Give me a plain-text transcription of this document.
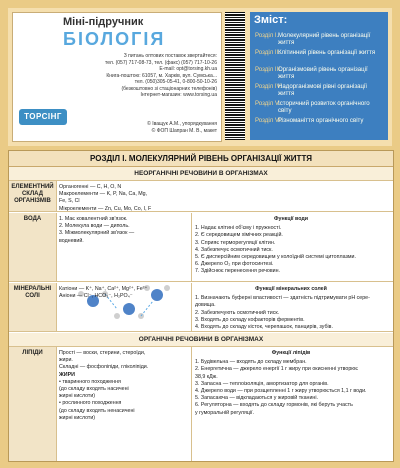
Міні-підручник
БІОЛОГІЯ
З питань оптових поставок звертайтеся:
тел. (057) 717-08-73, тел. (факс) (057) 717-10-26
E-mail: opt@torsing.kh.ua
Книга-поштою: 61057, м. Харків, вул. Сумська...
тел. (050)305-05-41, 0-800-50-10-26
(безкоштовно зі стаціонарних телефонів)
Інтернет-магазин: www.torsing.ua
ТОРСІНГ
© Іващук А.М., упорядкування
© ФОП Шапран М. В., макет
Зміст:
Розділ І. Молекулярний рівень організації життя
Розділ ІІ.
Клітинний рівень організації життя
Розділ ІІІ.
Організмовий рівень організації життя
Розділ IV.
Надорганізмові рівні організації життя
Розділ V.
Історичний розвиток органічного світу
Розділ VI.
Різноманіття органічного світу
РОЗДІЛ І. МОЛЕКУЛЯРНИЙ РІВЕНЬ ОРГАНІЗАЦІЇ ЖИТТЯ
НЕОРГАНІЧНІ РЕЧОВИНИ В ОРГАНІЗМАХ
ЕЛЕМЕНТНИЙ СКЛАД ОРГАНІЗМІВ
Органогенні — C, H, O, N
Макроелементи — K, P, Na, Ca, Mg,
Fe, S, Cl
Мікроелементи — Zn, Cu, Mo, Co, I, F
ВОДА	1. Має ковалентний зв'язок.
2. Молекула води — диполь.
3. Міжмолекулярний зв'язок —
водневий.
Функції води
1. Надає клітині об'єму і пружності.
2. Є середовищем хімічних реакцій.
3. Сприяє терморегуляції клітин.
4. Забезпечує осмотичний тиск.
5. Є дисперсійним середовищем у колоїдній системі цитоплазми.
6. Джерело O₂ при фотосинтезі.
7. Здійснює перенесення речовин.
МІНЕРАЛЬНІ СОЛІ
Катіони — K⁺, Na⁺, Ca²⁺, Mg²⁺, Fe²⁺
Аніони — Cl⁻, HCO₃⁻, H₂PO₄⁻
Функції мінеральних солей
1. Визначають буферні властивості — здатність підтримувати pH сере-
довища.
2. Забезпечують осмотичний тиск.
3. Входять до складу кофакторів ферментів.
4. Входять до складу кісток, черепашок, панцирів, зубів.
ОРГАНІЧНІ РЕЧОВИНИ В ОРГАНІЗМАХ
ЛІПІДИ	Прості — воски, стерини, стероїди,
жири.
Складні — фосфоліпіди, гліколіпіди.
ЖИРИ
• тваринного походження
(до складу входять насичені
жирні кислоти)
• рослинного походження
(до складу входять ненасичені
жирні кислоти)
Функції ліпідів
1. Будівельна — входять до складу мембран.
2. Енергетична — джерело енергії 1 г жиру при окисненні утворює
38,9 кДж.
3. Запасна — теплоізоляція, амортизатор для органів.
4. Джерело води — при розщепленні 1 г жиру утворюється 1,1 г води.
5. Запасаюча — відкладаються у жировій тканині.
6. Регуляторна — входять до складу гормонів, які беруть участь
у гуморальній регуляції.
